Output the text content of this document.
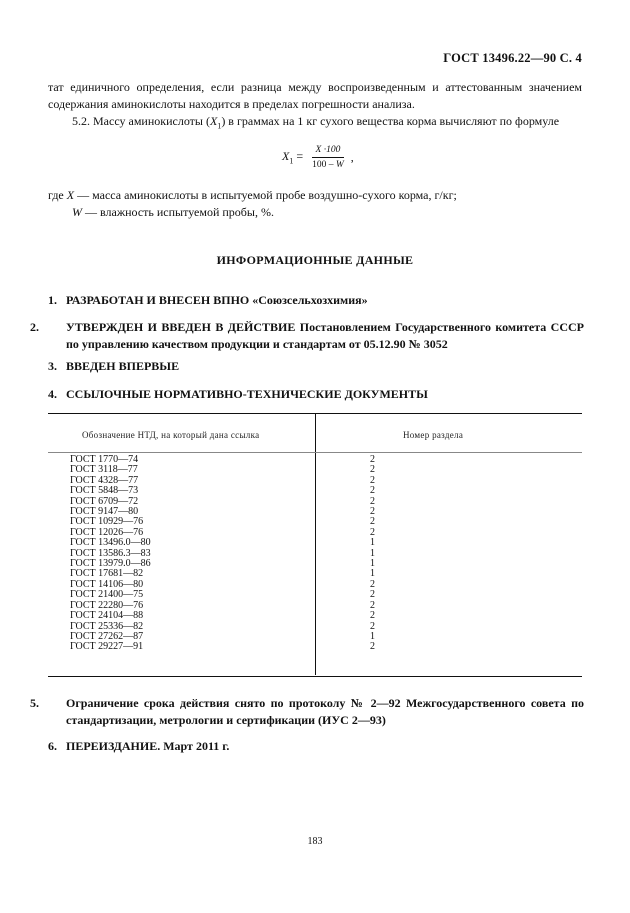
ГОСТ 13496.22—90 С. 4
тат единичного определения, если разница между воспроизведенным и аттестованным значением содержания аминокислоты находится в пределах погрешности анализа.
5.2. Массу аминокислоты $(X_1)$ в граммах на 1 кг сухого вещества корма вычисляют по формуле
$X_1 = \frac{X \cdot 100}{100 - W}$ ,
где X — масса аминокислоты в испытуемой пробе воздушно-сухого корма, г/кг;
W — влажность испытуемой пробы, %.
ИНФОРМАЦИОННЫЕ ДАННЫЕ
1. РАЗРАБОТАН И ВНЕСЕН ВПНО «Союзсельхозхимия»
2. УТВЕРЖДЕН И ВВЕДЕН В ДЕЙСТВИЕ Постановлением Государственного комитета СССР по управлению качеством продукции и стандартам от 05.12.90 № 3052
3. ВВЕДЕН ВПЕРВЫЕ
4. ССЫЛОЧНЫЕ НОРМАТИВНО-ТЕХНИЧЕСКИЕ ДОКУМЕНТЫ
Обозначение НТД, на который дана ссылка	Номер раздела
ГОСТ 1770—74
ГОСТ 3118—77
ГОСТ 4328—77
ГОСТ 5848—73
ГОСТ 6709—72
ГОСТ 9147—80
ГОСТ 10929—76
ГОСТ 12026—76
ГОСТ 13496.0—80
ГОСТ 13586.3—83
ГОСТ 13979.0—86
ГОСТ 17681—82
ГОСТ 14106—80
ГОСТ 21400—75
ГОСТ 22280—76
ГОСТ 24104—88
ГОСТ 25336—82
ГОСТ 27262—87
ГОСТ 29227—91
2
2
2
2
2
2
2
2
1
1
1
1
2
2
2
2
2
1
2
5. Ограничение срока действия снято по протоколу № 2—92 Межгосударственного совета по стандартизации, метрологии и сертификации (ИУС 2—93)
6. ПЕРЕИЗДАНИЕ. Март 2011 г.
183
